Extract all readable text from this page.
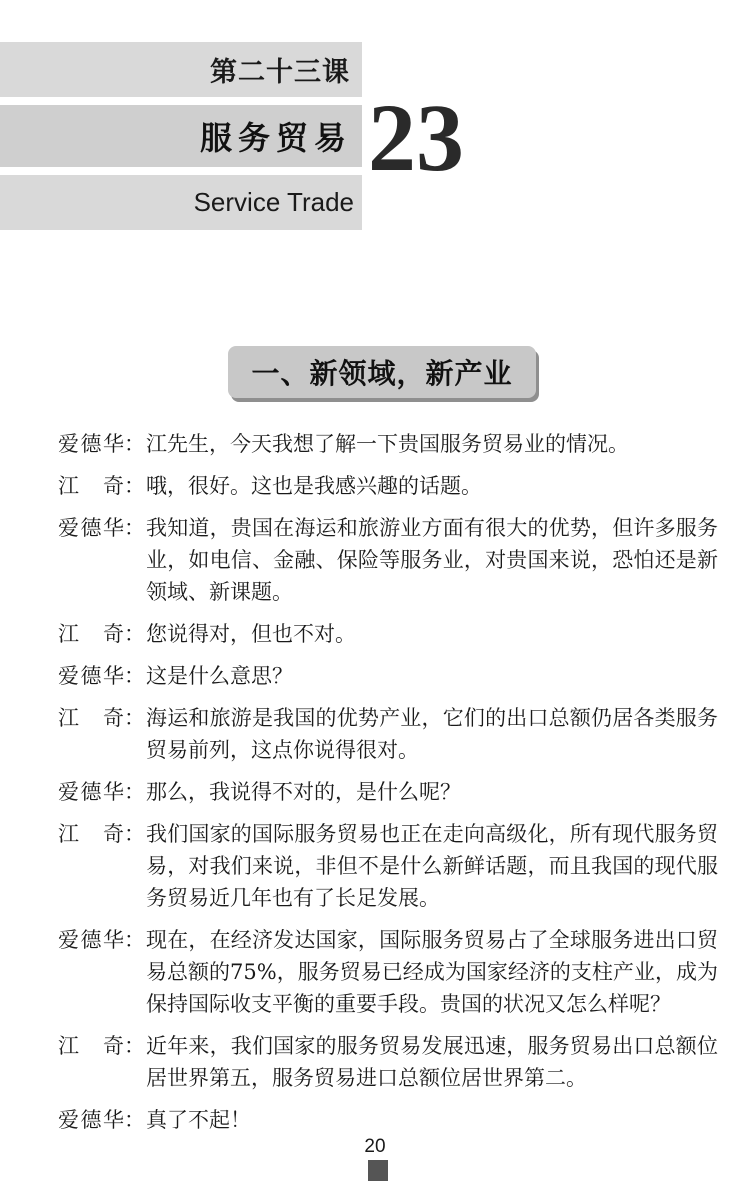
第二十三课
服务贸易 23
Service Trade
一、新领域，新产业
爱德华 ： 江先生，今天我想了解一下贵国服务贸易业的情况。
江奇 ： 哦，很好。这也是我感兴趣的话题。
爱德华 ： 我知道，贵国在海运和旅游业方面有很大的优势，但许多服务业，如电信、金融、保险等服务业，对贵国来说，恐怕还是新领域、新课题。
江奇 ： 您说得对，但也不对。
爱德华 ： 这是什么意思？
江奇 ： 海运和旅游是我国的优势产业，它们的出口总额仍居各类服务贸易前列，这点你说得很对。
爱德华 ： 那么，我说得不对的，是什么呢？
江奇 ： 我们国家的国际服务贸易也正在走向高级化，所有现代服务贸易，对我们来说，非但不是什么新鲜话题，而且我国的现代服务贸易近几年也有了长足发展。
爱德华 ： 现在，在经济发达国家，国际服务贸易占了全球服务进出口贸易总额的75%，服务贸易已经成为国家经济的支柱产业，成为保持国际收支平衡的重要手段。贵国的状况又怎么样呢？
江奇 ： 近年来，我们国家的服务贸易发展迅速，服务贸易出口总额位居世界第五，服务贸易进口总额位居世界第二。
爱德华 ： 真了不起！
20
